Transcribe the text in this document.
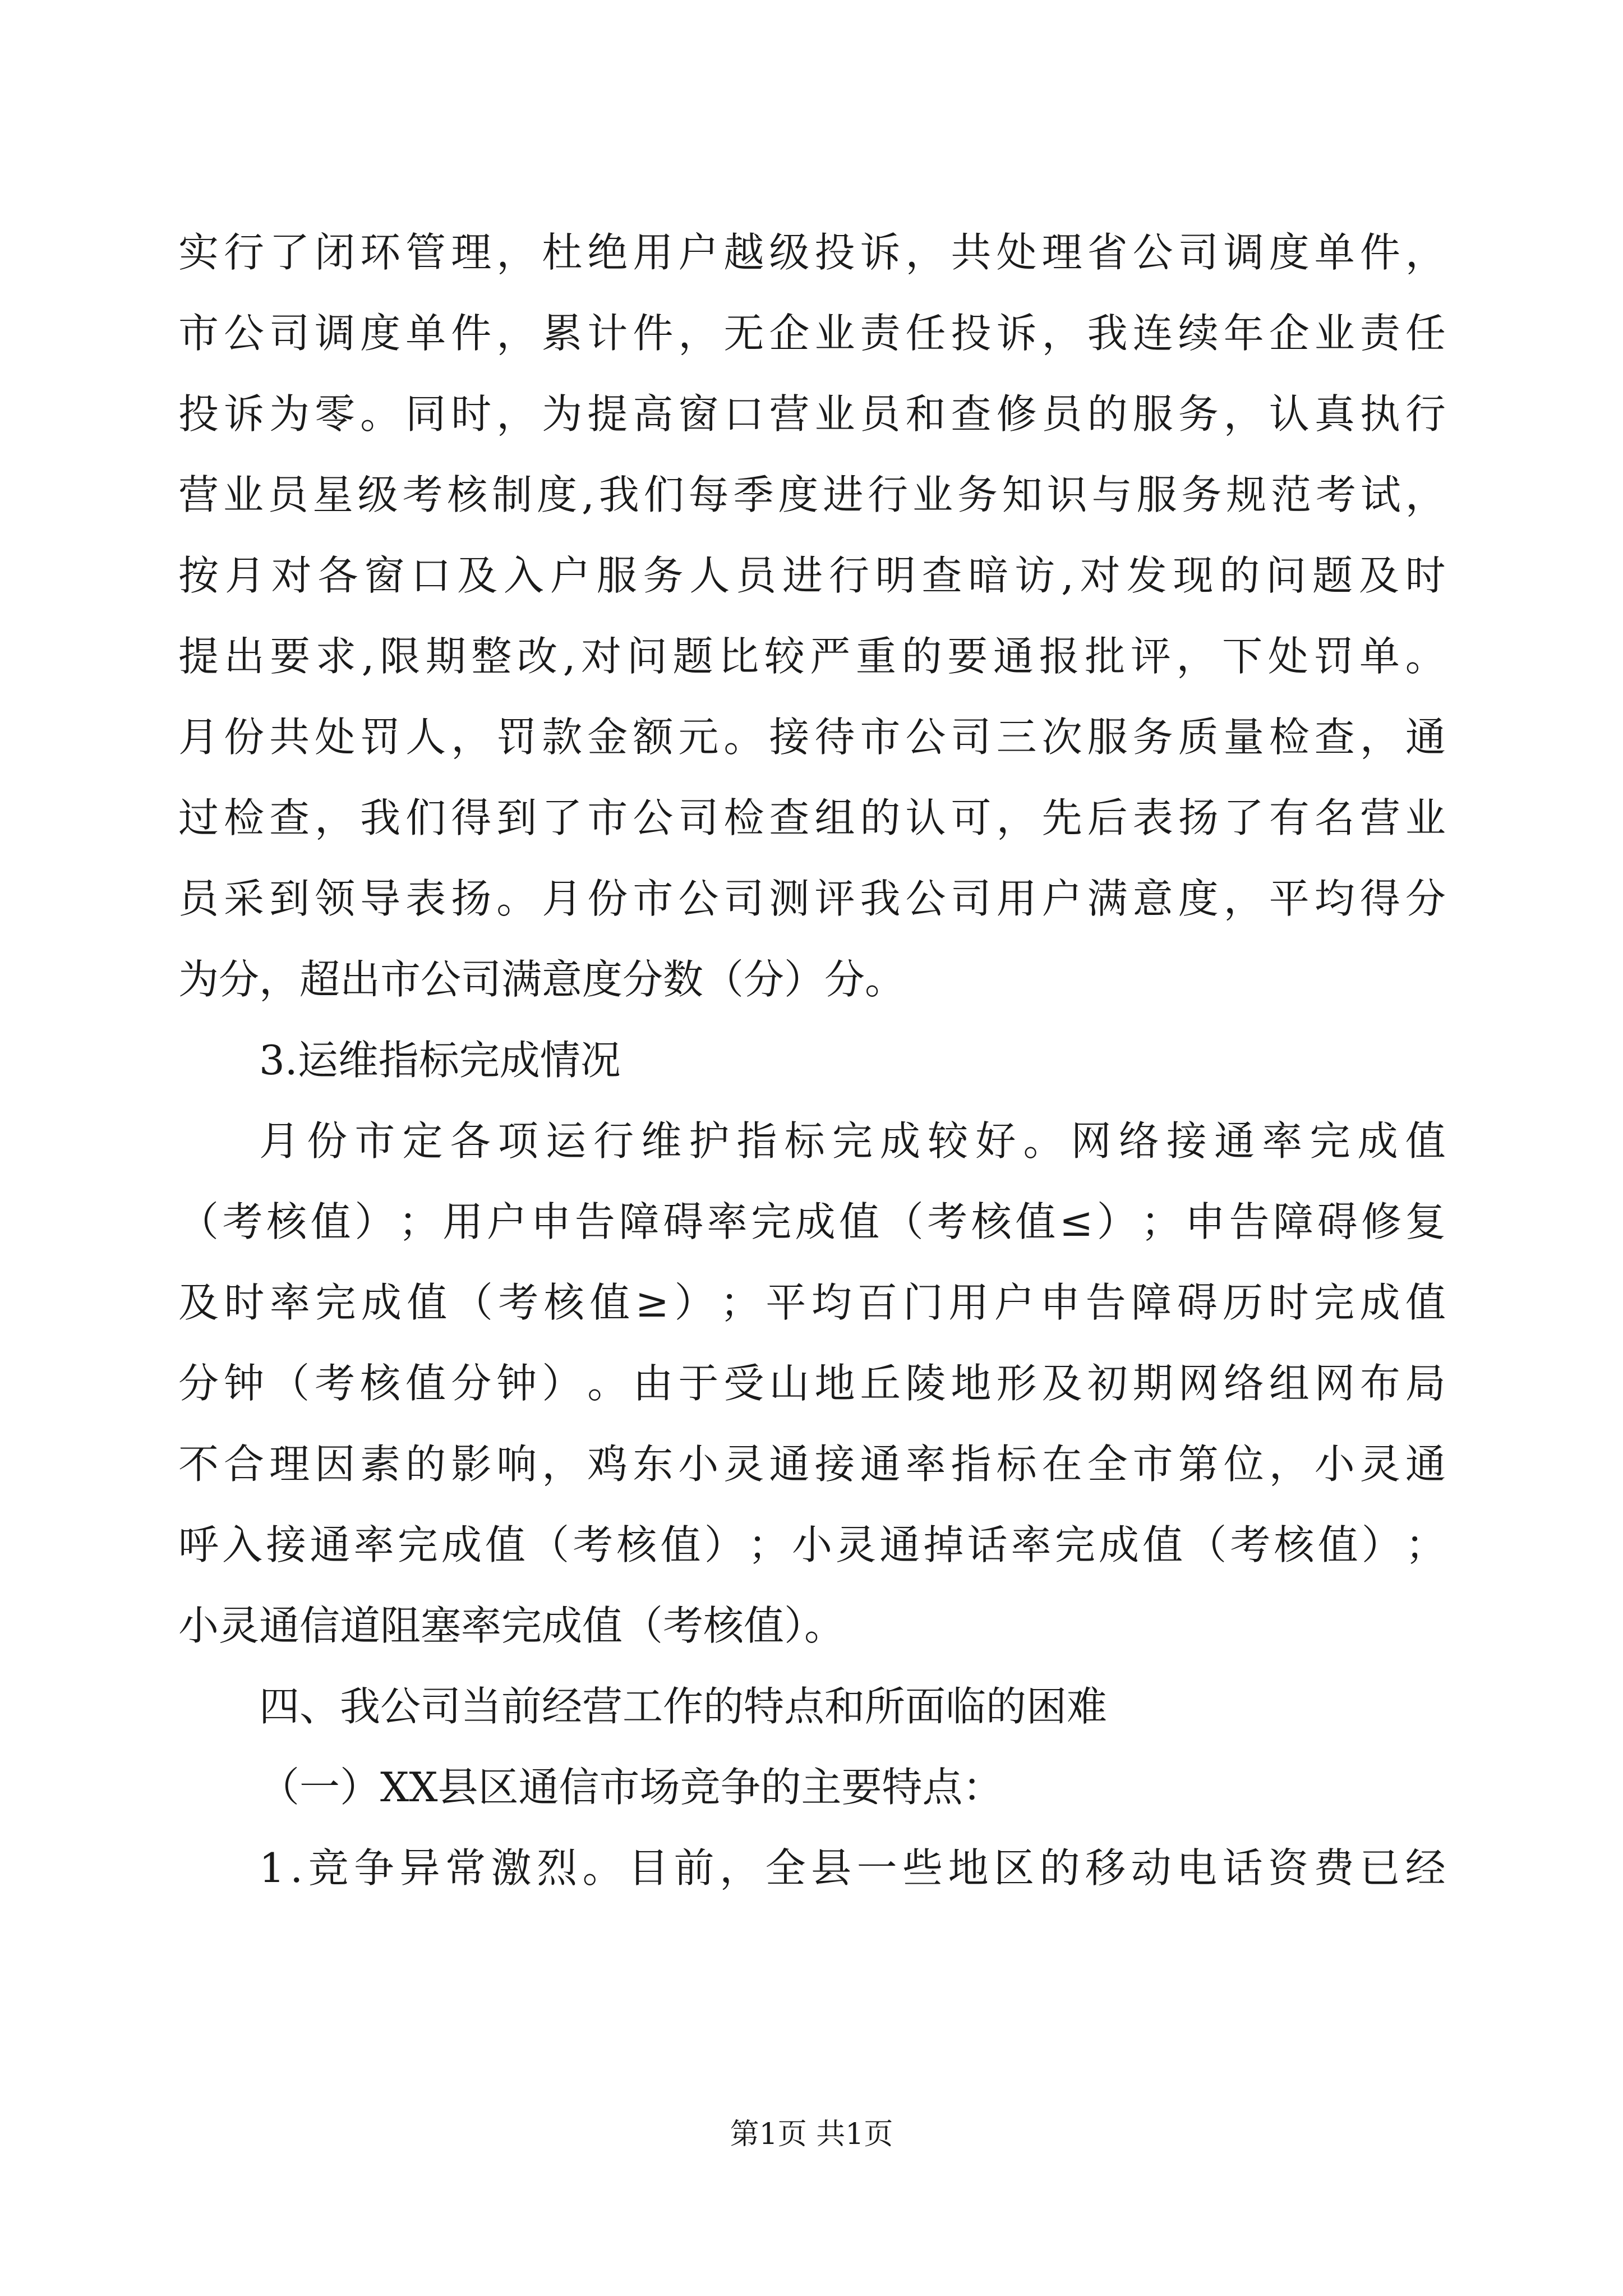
实 行 了 闭 环 管 理 ， 杜 绝 用 户 越 级 投 诉 ， 共 处 理 省 公 司 调 度 单 件 ，
市 公 司 调 度 单 件 ， 累 计 件 ， 无 企 业 责 任 投 诉 ， 我 连 续 年 企 业 责 任
投 诉 为 零 。 同 时 ， 为 提 高 窗 口 营 业 员 和 查 修 员 的 服 务 ， 认 真 执 行
营 业 员 星 级 考 核 制 度 , 我 们 每 季 度 进 行 业 务 知 识 与 服 务 规 范 考 试 ，
按 月 对 各 窗 口 及 入 户 服 务 人 员 进 行 明 查 暗 访 , 对 发 现 的 问 题 及 时
提 出 要 求 , 限 期 整 改 , 对 问 题 比 较 严 重 的 要 通 报 批 评 ， 下 处 罚 单 。
月 份 共 处 罚 人 ， 罚 款 金 额 元 。 接 待 市 公 司 三 次 服 务 质 量 检 查 ， 通
过 检 查 ， 我 们 得 到 了 市 公 司 检 查 组 的 认 可 ， 先 后 表 扬 了 有 名 营 业
员 采 到 领 导 表 扬 。 月 份 市 公 司 测 评 我 公 司 用 户 满 意 度 ， 平 均 得 分
为分，超出市公司满意度分数（分）分。
3.运维指标完成情况
月 份 市 定 各 项 运 行 维 护 指 标 完 成 较 好 。 网 络 接 通 率 完 成 值
（ 考 核 值 ） ； 用 户 申 告 障 碍 率 完 成 值 （ 考 核 值 ≤ ） ； 申 告 障 碍 修 复
及 时 率 完 成 值 （ 考 核 值 ≥ ） ； 平 均 百 门 用 户 申 告 障 碍 历 时 完 成 值
分 钟 （ 考 核 值 分 钟 ） 。 由 于 受 山 地 丘 陵 地 形 及 初 期 网 络 组 网 布 局
不 合 理 因 素 的 影 响 ， 鸡 东 小 灵 通 接 通 率 指 标 在 全 市 第 位 ， 小 灵 通
呼 入 接 通 率 完 成 值 （ 考 核 值 ） ； 小 灵 通 掉 话 率 完 成 值 （ 考 核 值 ） ；
小灵通信道阻塞率完成值（考核值）。
四、我公司当前经营工作的特点和所面临的困难
（一）XX县区通信市场竞争的主要特点：
1 . 竞 争 异 常 激 烈 。 目 前 ， 全 县 一 些 地 区 的 移 动 电 话 资 费 已 经
第1页 共1页
